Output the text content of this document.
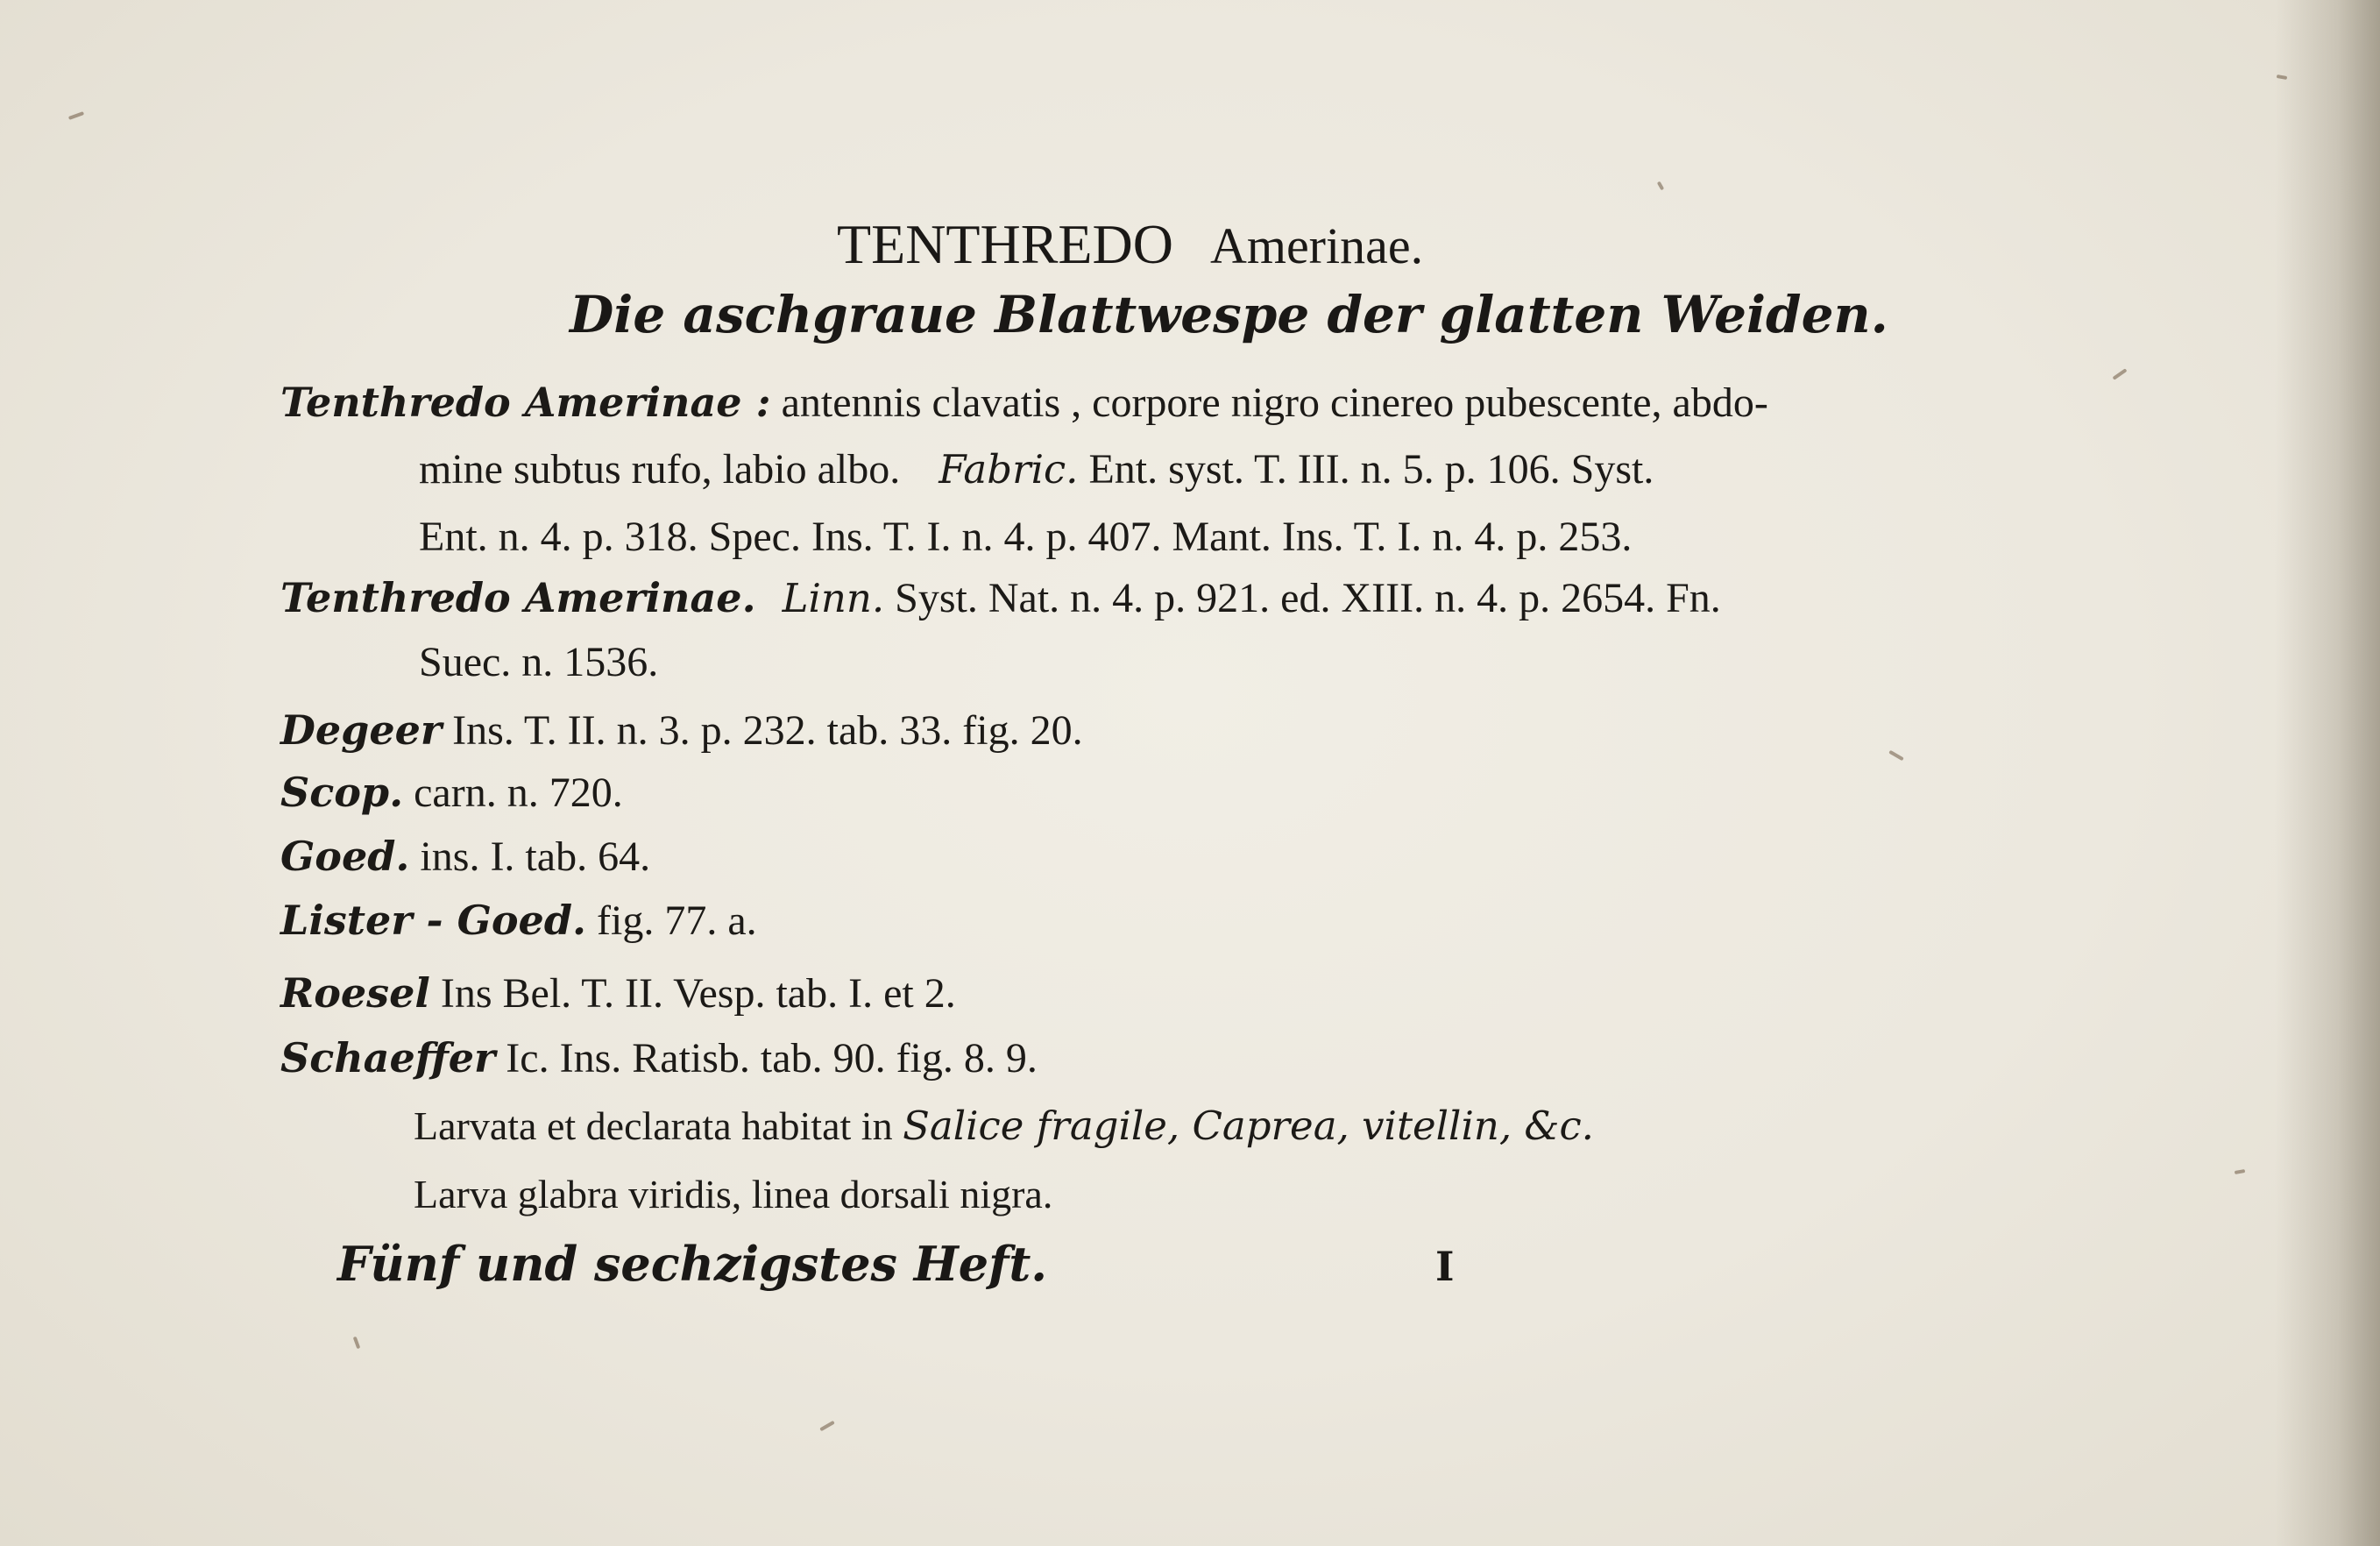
TENTHREDO Amerinae.
Die aschgraue Blattwespe der glatten Weiden.
Tenthredo Amerinae : antennis clavatis , corpore nigro cinereo pubescente, abdo-
mine subtus rufo, labio albo. Fabric. Ent. syst. T. III. n. 5. p. 106. Syst.
Ent. n. 4. p. 318. Spec. Ins. T. I. n. 4. p. 407. Mant. Ins. T. I. n. 4. p. 253.
Tenthredo Amerinae. Linn. Syst. Nat. n. 4. p. 921. ed. XIII. n. 4. p. 2654. Fn.
Suec. n. 1536.
Degeer Ins. T. II. n. 3. p. 232. tab. 33. fig. 20.
Scop. carn. n. 720.
Goed. ins. I. tab. 64.
Lister - Goed. fig. 77. a.
Roesel Ins Bel. T. II. Vesp. tab. I. et 2.
Schaeffer Ic. Ins. Ratisb. tab. 90. fig. 8. 9.
Larvata et declarata habitat in Salice fragile, Caprea, vitellin, &c.
Larva glabra viridis, linea dorsali nigra.
Fünf und sechzigstes Heft.	I
